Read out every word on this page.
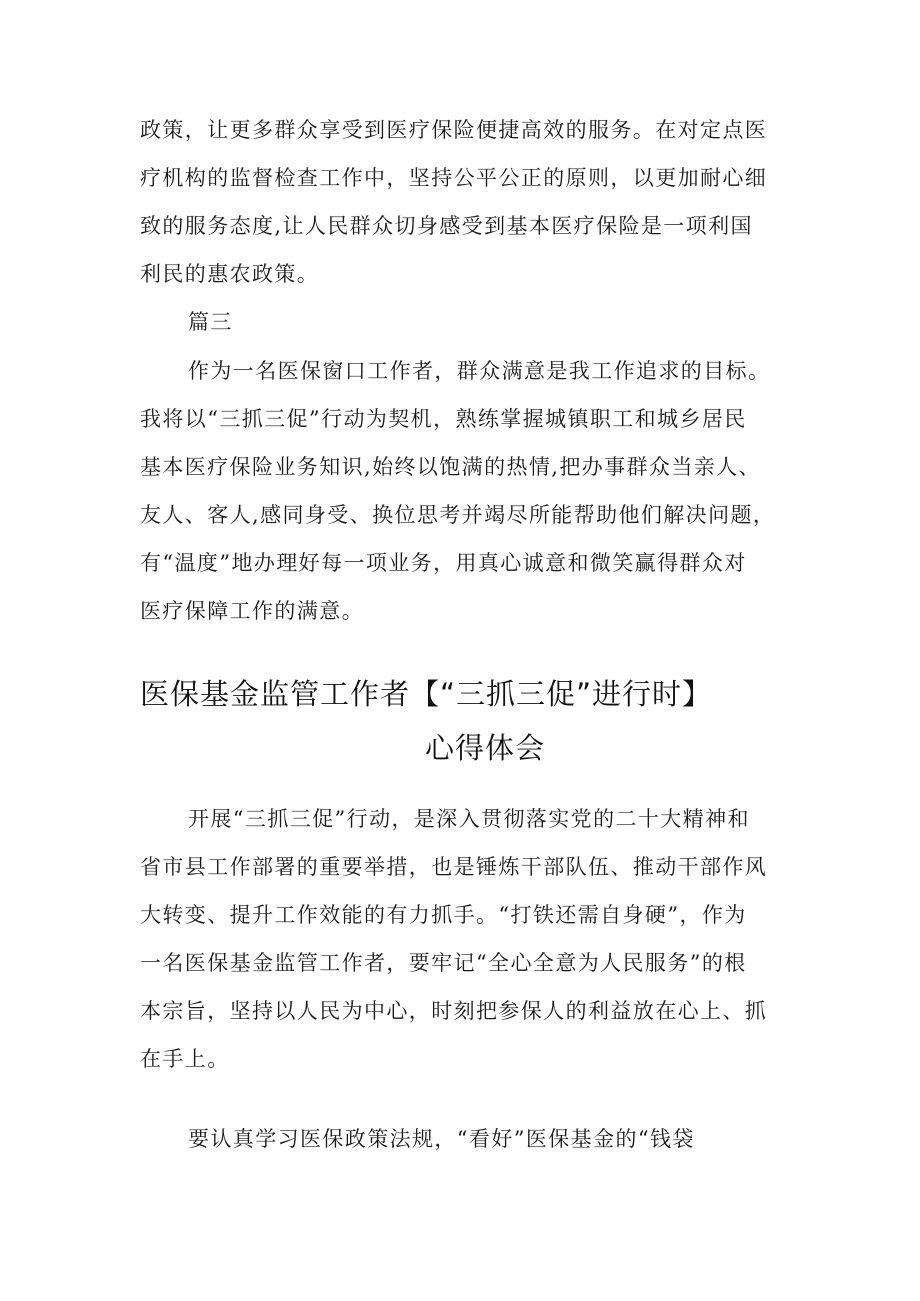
政策，让更多群众享受到医疗保险便捷高效的服务。在对定点医
疗机构的监督检查工作中，坚持公平公正的原则，以更加耐心细
致的服务态度,让人民群众切身感受到基本医疗保险是一项利国
利民的惠农政策。
篇三
作为一名医保窗口工作者，群众满意是我工作追求的目标。
我将以“三抓三促”行动为契机，熟练掌握城镇职工和城乡居民
基本医疗保险业务知识,始终以饱满的热情,把办事群众当亲人、
友人、客人,感同身受、换位思考并竭尽所能帮助他们解决问题，
有“温度”地办理好每一项业务，用真心诚意和微笑赢得群众对
医疗保障工作的满意。
医保基金监管工作者【“三抓三促”进行时】
心得体会
开展“三抓三促”行动，是深入贯彻落实党的二十大精神和
省市县工作部署的重要举措，也是锤炼干部队伍、推动干部作风
大转变、提升工作效能的有力抓手。“打铁还需自身硬”，作为
一名医保基金监管工作者，要牢记“全心全意为人民服务”的根
本宗旨，坚持以人民为中心，时刻把参保人的利益放在心上、抓
在手上。
要认真学习医保政策法规，“看好”医保基金的“钱袋
